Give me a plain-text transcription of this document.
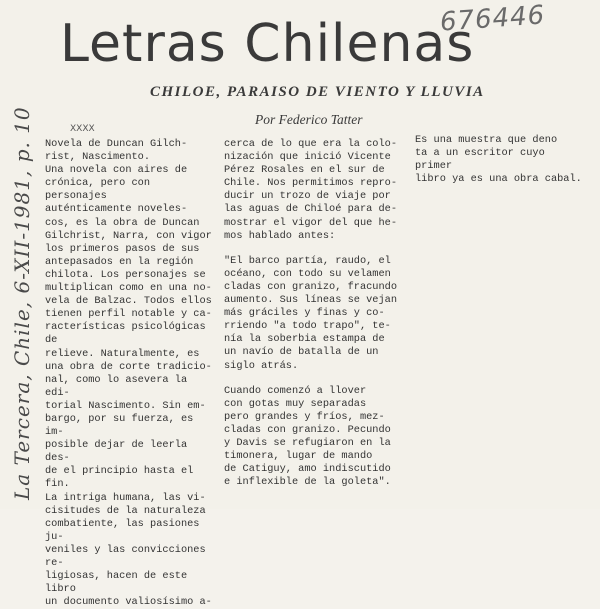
676446
Letras Chilenas
CHILOE, PARAISO DE VIENTO Y LLUVIA
Por Federico Tatter
XXXX
La Tercera, Chile, 6-XII-1981, p. 10 Novela de Duncan Gilch-

rist, Nascimento.

Una novela con aires de

crónica, pero con personajes

auténticamente noveles-

cos, es la obra de Duncan

Gilchrist, Narra, con vigor

los primeros pasos de sus

antepasados en la región

chilota. Los personajes se

multiplican como en una no-

vela de Balzac. Todos ellos

tienen perfil notable y ca-

racterísticas psicológicas de

relieve. Naturalmente, es

una obra de corte tradicio-

nal, como lo asevera la edi-

torial Nascimento. Sin em-

bargo, por su fuerza, es im-

posible dejar de leerla des-

de el principio hasta el fin.

La intriga humana, las vi-

cisitudes de la naturaleza

combatiente, las pasiones ju-

veniles y las convicciones re-

ligiosas, hacen de este libro

un documento valiosísimo a-

cerca de lo que era la colo-

nización que inició Vicente

Pérez Rosales en el sur de

Chile. Nos permitimos repro-

ducir un trozo de viaje por

las aguas de Chiloé para de-

mostrar el vigor del que he-

mos hablado antes:

"El barco partía, raudo, el

océano, con todo su velamen

cladas con granizo, fracundo

aumento. Sus líneas se vejan

más gráciles y finas y co-

rriendo "a todo trapo", te-

nía la soberbia estampa de

un navío de batalla de un

siglo atrás.

Cuando comenzó a llover

con gotas muy separadas

pero grandes y fríos, mez-

cladas con granizo. Pecundo

y Davis se refugiaron en la

timonera, lugar de mando

de Catiguy, amo indiscutido

e inflexible de la goleta".

Es una muestra que deno

ta a un escritor cuyo primer

libro ya es una obra cabal.
